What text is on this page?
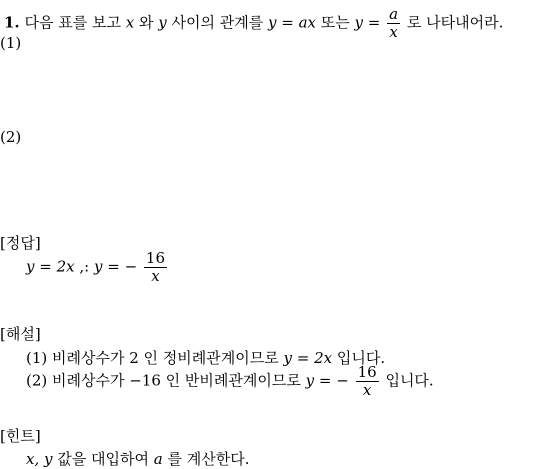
1. 다음 표를 보고 x 와 y 사이의 관계를 y = ax 또는 $y = \frac{a}{x}$ 로 나타내어라.
(1)
(2)
[정답]
y = 2x ,: y = − $\frac{16}{x}$
[해설]
(1) 비례상수가 2 인 정비례관계이므로 y = 2x 입니다.
(2) 비례상수가 −16 인 반비례관계이므로 y = − $\frac{16}{x}$ 입니다.
[힌트]
x, y 값을 대입하여 a 를 계산한다.
